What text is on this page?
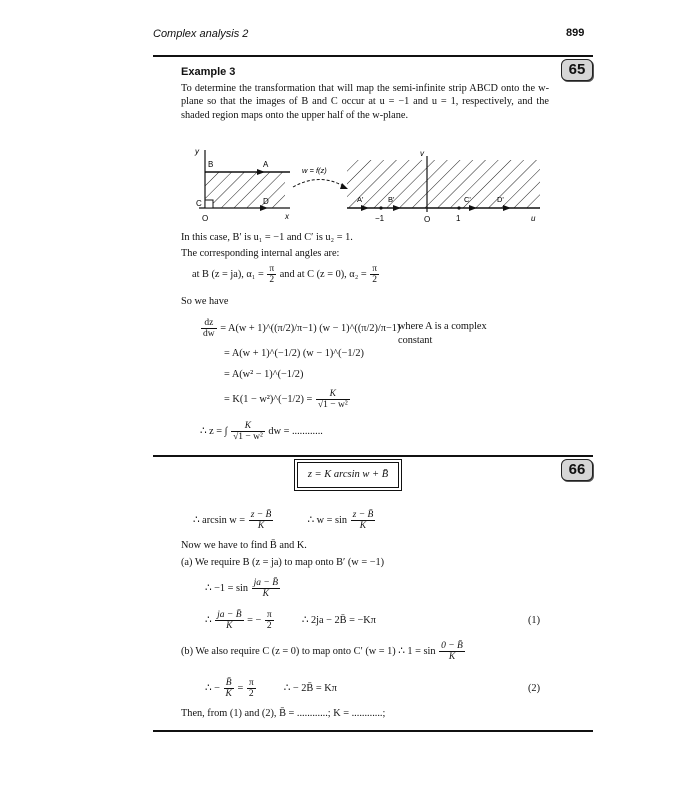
Complex analysis 2	899
65
Example 3
To determine the transformation that will map the semi-infinite strip ABCD onto the w-plane so that the images of B and C occur at u = −1 and u = 1, respectively, and the shaded region maps onto the upper half of the w-plane.
y
B	A
C	D
O	x
w = f(z)
v
A'	B'	C'	D'
−1	O	1	u
In this case, B′ is u₁ = −1 and C′ is u₂ = 1.
The corresponding internal angles are:
at B (z = ja), $\alpha_1 = \frac{\pi}{2}$ and at C (z = 0), $\alpha_2 = \frac{\pi}{2}$
So we have
$\frac{dz}{dw} = A(w$ + 1)^((π/2)/π−1) (w − 1)^((π/2)/π−1)
where A is a complex
constant
= A(w + 1)^(−1/2) (w − 1)^(−1/2)
= A(w² − 1)^(−1/2)
= K(1 − w²)^(−1/2) = $\frac{K}{\text{√1 − w²}}$
∴ z = ∫ $\frac{K}{\text{√1 − w²}}$ dw = ............
66
z = K arcsin w + B̄
∴ $\arcsin w = \frac{z - B̄}{K}$	∴ $w = \sin \frac{z - B̄}{K}$
Now we have to find B̄ and K.
(a) We require B (z = ja) to map onto B′ (w = −1)
∴ $-1 = \sin \frac{ja - B̄}{K}$
∴ $\frac{ja - B̄}{K}$ = − $\frac{\pi}{2}$	∴ 2ja − 2B̄ = −Kπ	(1)
(b) We also require C (z = 0) to map onto C′ (w = 1) ∴ $1 = \sin \frac{0 - B̄}{K}$
∴ − $\frac{B̄}{K} = \frac{\pi}{2}$	∴ − 2B̄ = Kπ	(2)
Then, from (1) and (2), B̄ = ............; K = ............;
